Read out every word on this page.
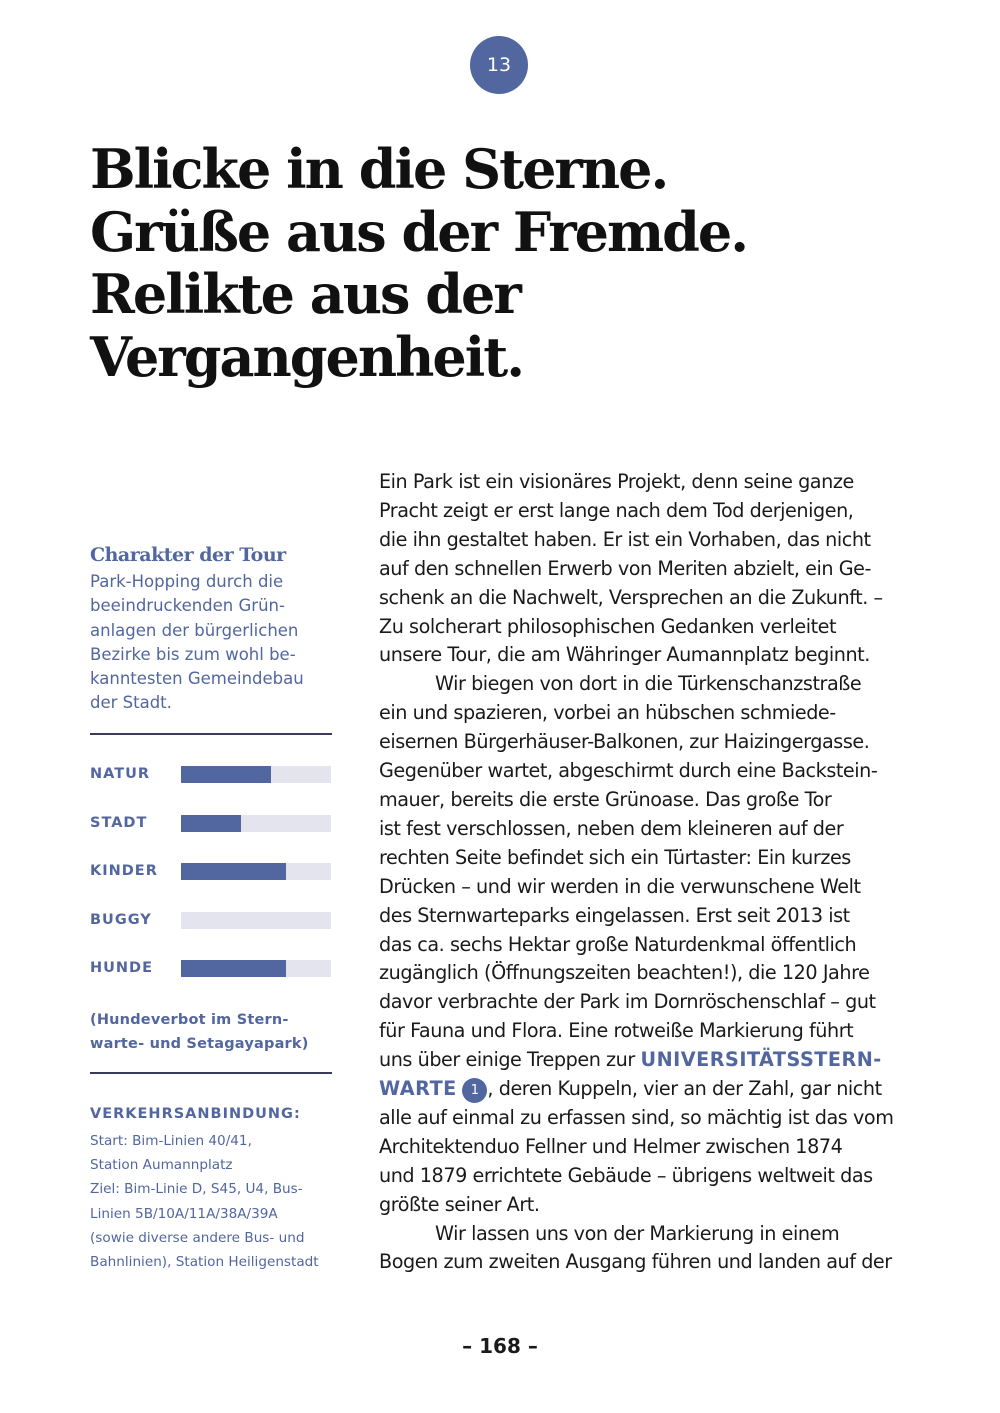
13
Blicke in die Sterne.
Grüße aus der Fremde.
Relikte aus der
Vergangenheit.
Charakter der Tour
Park-Hopping durch die
beeindruckenden Grün-
anlagen der bürgerlichen
Bezirke bis zum wohl be-
kanntesten Gemeindebau
der Stadt.
NATUR
STADT
KINDER
BUGGY
HUNDE
(Hundeverbot im Stern-
warte- und Setagayapark)
VERKEHRSANBINDUNG:
Start: Bim-Linien 40/41,
Station Aumannplatz
Ziel: Bim-Linie D, S45, U4, Bus-
Linien 5B/10A/11A/38A/39A
(sowie diverse andere Bus- und
Bahnlinien), Station Heiligenstadt
Ein Park ist ein visionäres Projekt, denn seine ganze
Pracht zeigt er erst lange nach dem Tod derjenigen,
die ihn gestaltet haben. Er ist ein Vorhaben, das nicht
auf den schnellen Erwerb von Meriten abzielt, ein Ge-
schenk an die Nachwelt, Versprechen an die Zukunft. –
Zu solcherart philosophischen Gedanken verleitet
unsere Tour, die am Währinger Aumannplatz beginnt.
Wir biegen von dort in die Türkenschanzstraße
ein und spazieren, vorbei an hübschen schmiede-
eisernen Bürgerhäuser-Balkonen, zur Haizingergasse.
Gegenüber wartet, abgeschirmt durch eine Backstein-
mauer, bereits die erste Grünoase. Das große Tor
ist fest verschlossen, neben dem kleineren auf der
rechten Seite befindet sich ein Türtaster: Ein kurzes
Drücken – und wir werden in die verwunschene Welt
des Sternwarteparks eingelassen. Erst seit 2013 ist
das ca. sechs Hektar große Naturdenkmal öffentlich
zugänglich (Öffnungszeiten beachten!), die 120 Jahre
davor verbrachte der Park im Dornröschenschlaf – gut
für Fauna und Flora. Eine rotweiße Markierung führt
uns über einige Treppen zur UNIVERSITÄTSSTERN-
WARTE 1 , deren Kuppeln, vier an der Zahl, gar nicht
alle auf einmal zu erfassen sind, so mächtig ist das vom
Architektenduo Fellner und Helmer zwischen 1874
und 1879 errichtete Gebäude – übrigens weltweit das
größte seiner Art.
Wir lassen uns von der Markierung in einem
Bogen zum zweiten Ausgang führen und landen auf der
– 168 –
